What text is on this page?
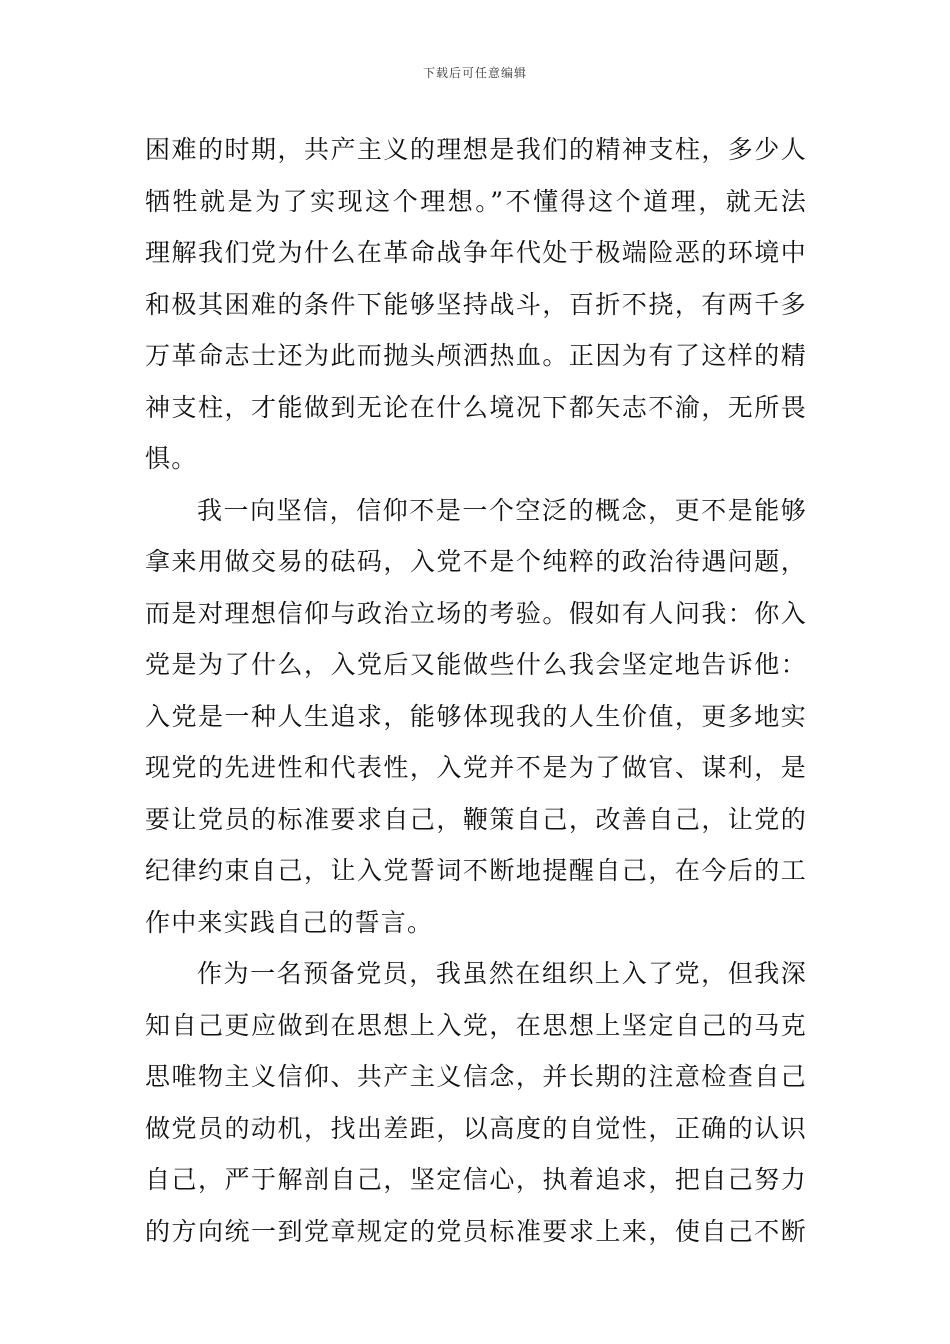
下载后可任意编辑
困难的时期，共产主义的理想是我们的精神支柱，多少人
牺牲就是为了实现这个理想。”不懂得这个道理，就无法
理解我们党为什么在革命战争年代处于极端险恶的环境中
和极其困难的条件下能够坚持战斗，百折不挠，有两千多
万革命志士还为此而抛头颅洒热血。正因为有了这样的精
神支柱，才能做到无论在什么境况下都矢志不渝，无所畏
惧。
我一向坚信，信仰不是一个空泛的概念，更不是能够
拿来用做交易的砝码，入党不是个纯粹的政治待遇问题，
而是对理想信仰与政治立场的考验。假如有人问我：你入
党是为了什么，入党后又能做些什么我会坚定地告诉他：
入党是一种人生追求，能够体现我的人生价值，更多地实
现党的先进性和代表性，入党并不是为了做官、谋利，是
要让党员的标准要求自己，鞭策自己，改善自己，让党的
纪律约束自己，让入党誓词不断地提醒自己，在今后的工
作中来实践自己的誓言。
作为一名预备党员，我虽然在组织上入了党，但我深
知自己更应做到在思想上入党，在思想上坚定自己的马克
思唯物主义信仰、共产主义信念，并长期的注意检查自己
做党员的动机，找出差距，以高度的自觉性，正确的认识
自己，严于解剖自己，坚定信心，执着追求，把自己努力
的方向统一到党章规定的党员标准要求上来，使自己不断
